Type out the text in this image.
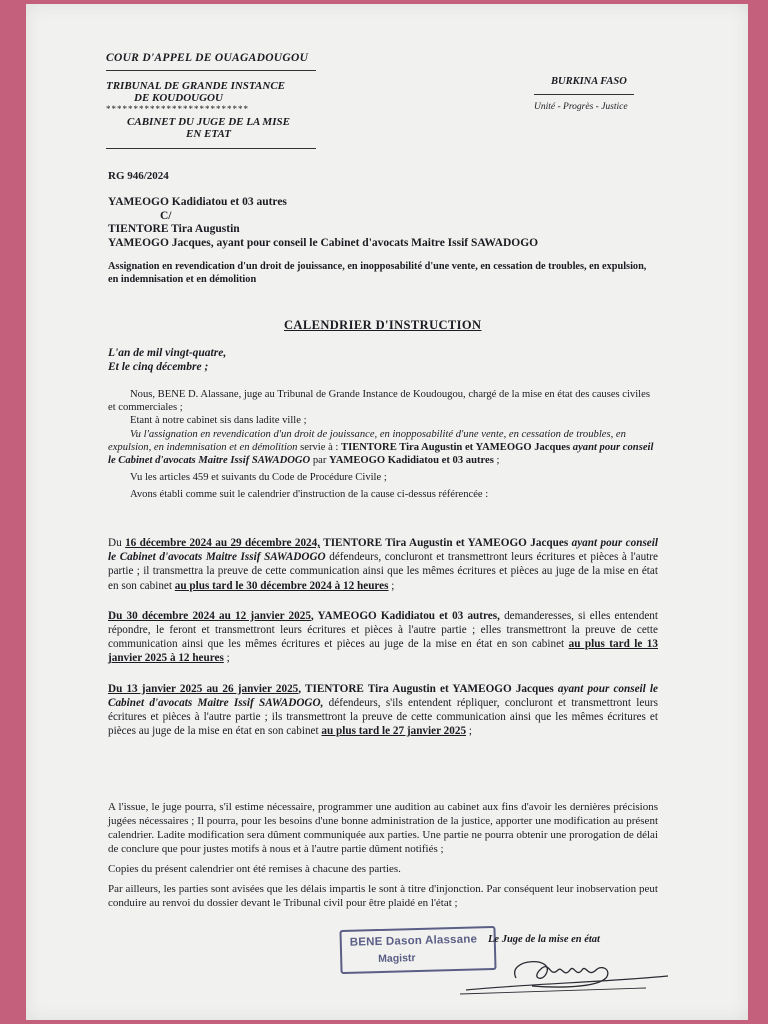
COUR D'APPEL DE OUAGADOUGOU
TRIBUNAL DE GRANDE INSTANCE
DE KOUDOUGOU
**************************
CABINET DU JUGE DE LA MISE
EN ETAT
BURKINA FASO
Unité - Progrès - Justice
RG 946/2024
YAMEOGO Kadidiatou et 03 autres
C/
TIENTORE Tira Augustin
YAMEOGO Jacques, ayant pour conseil le Cabinet d'avocats Maitre Issif SAWADOGO
Assignation en revendication d'un droit de jouissance, en inopposabilité d'une vente, en cessation de troubles, en expulsion, en indemnisation et en démolition
CALENDRIER D'INSTRUCTION
L'an de mil vingt-quatre,
Et le cinq décembre ;

Nous, BENE D. Alassane, juge au Tribunal de Grande Instance de Koudougou, chargé de la mise en état des causes civiles et commerciales ;

Etant à notre cabinet sis dans ladite ville ;

Vu l'assignation en revendication d'un droit de jouissance, en inopposabilité d'une vente, en cessation de troubles, en expulsion, en indemnisation et en démolition servie à : TIENTORE Tira Augustin et YAMEOGO Jacques ayant pour conseil le Cabinet d'avocats Maitre Issif SAWADOGO par YAMEOGO Kadidiatou et 03 autres ;

Vu les articles 459 et suivants du Code de Procédure Civile ;

Avons établi comme suit le calendrier d'instruction de la cause ci-dessus référencée :

Du 16 décembre 2024 au 29 décembre 2024, TIENTORE Tira Augustin et YAMEOGO Jacques ayant pour conseil le Cabinet d'avocats Maitre Issif SAWADOGO défendeurs, concluront et transmettront leurs écritures et pièces à l'autre partie ; il transmettra la preuve de cette communication ainsi que les mêmes écritures et pièces au juge de la mise en état en son cabinet au plus tard le 30 décembre 2024 à 12 heures ;

Du 30 décembre 2024 au 12 janvier 2025, YAMEOGO Kadidiatou et 03 autres, demanderesses, si elles entendent répondre, le feront et transmettront leurs écritures et pièces à l'autre partie ; elles transmettront la preuve de cette communication ainsi que les mêmes écritures et pièces au juge de la mise en état en son cabinet au plus tard le 13 janvier 2025 à 12 heures ;

Du 13 janvier 2025 au 26 janvier 2025, TIENTORE Tira Augustin et YAMEOGO Jacques ayant pour conseil le Cabinet d'avocats Maitre Issif SAWADOGO, défendeurs, s'ils entendent répliquer, concluront et transmettront leurs écritures et pièces à l'autre partie ; ils transmettront la preuve de cette communication ainsi que les mêmes écritures et pièces au juge de la mise en état en son cabinet au plus tard le 27 janvier 2025 ;

A l'issue, le juge pourra, s'il estime nécessaire, programmer une audition au cabinet aux fins d'avoir les dernières précisions jugées nécessaires ; Il pourra, pour les besoins d'une bonne administration de la justice, apporter une modification au présent calendrier. Ladite modification sera dûment communiquée aux parties. Une partie ne pourra obtenir une prorogation de délai de conclure que pour justes motifs à nous et à l'autre partie dûment notifiés ;

Copies du présent calendrier ont été remises à chacune des parties.

Par ailleurs, les parties sont avisées que les délais impartis le sont à titre d'injonction. Par conséquent leur inobservation peut conduire au renvoi du dossier devant le Tribunal civil pour être plaidé en l'état ;

BENE Dason Alassane
Magistr
Le Juge de la mise en état
